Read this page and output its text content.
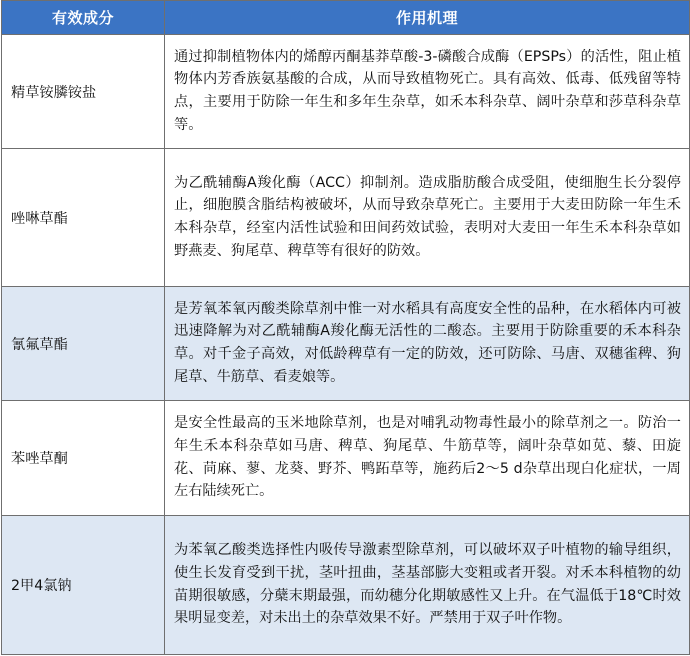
有效成分	作用机理
精草铵膦铵盐	通过抑制植物体内的烯醇丙酮基莽草酸-3-磷酸合成酶（EPSPs）的活性，阻止植物体内芳香族氨基酸的合成，从而导致植物死亡。具有高效、低毒、低残留等特点，主要用于防除一年生和多年生杂草，如禾本科杂草、阔叶杂草和莎草科杂草等。
唑啉草酯	为乙酰辅酶A羧化酶（ACC）抑制剂。造成脂肪酸合成受阻，使细胞生长分裂停止，细胞膜含脂结构被破坏，从而导致杂草死亡。主要用于大麦田防除一年生禾本科杂草，经室内活性试验和田间药效试验，表明对大麦田一年生禾本科杂草如野燕麦、狗尾草、稗草等有很好的防效。
氰氟草酯	是芳氧苯氧丙酸类除草剂中惟一对水稻具有高度安全性的品种，在水稻体内可被迅速降解为对乙酰辅酶A羧化酶无活性的二酸态。主要用于防除重要的禾本科杂草。对千金子高效，对低龄稗草有一定的防效，还可防除、马唐、双穗雀稗、狗尾草、牛筋草、看麦娘等。
苯唑草酮	是安全性最高的玉米地除草剂，也是对哺乳动物毒性最小的除草剂之一。防治一年生禾本科杂草如马唐、稗草、狗尾草、牛筋草等，阔叶杂草如苋、藜、田旋花、苘麻、蓼、龙葵、野芥、鸭跖草等，施药后2～5 d杂草出现白化症状，一周左右陆续死亡。
2甲4氯钠	为苯氧乙酸类选择性内吸传导激素型除草剂，可以破坏双子叶植物的输导组织，使生长发育受到干扰，茎叶扭曲，茎基部膨大变粗或者开裂。对禾本科植物的幼苗期很敏感，分蘖末期最强，而幼穗分化期敏感性又上升。在气温低于18℃时效果明显变差，对未出土的杂草效果不好。严禁用于双子叶作物。
